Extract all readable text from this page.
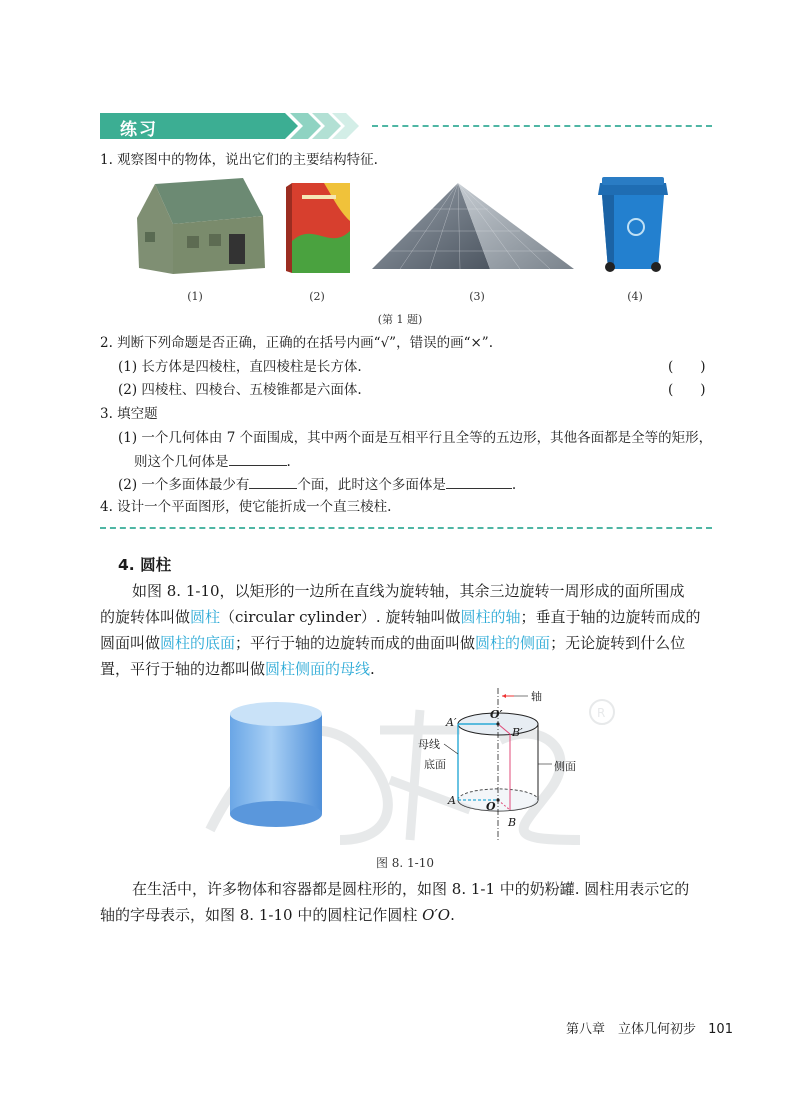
R
练习
1. 观察图中的物体，说出它们的主要结构特征.
(1)	(2)	(3)	(4)
(第 1 题)
2. 判断下列命题是否正确，正确的在括号内画“√”，错误的画“×”.
(1) 长方体是四棱柱，直四棱柱是长方体.	(　　)
(2) 四棱柱、四棱台、五棱锥都是六面体.	(　　)
3. 填空题
(1) 一个几何体由 7 个面围成，其中两个面是互相平行且全等的五边形，其他各面都是全等的矩形，
则这个几何体是	.
(2) 一个多面体最少有	个面，此时这个多面体是	.
4. 设计一个平面图形，使它能折成一个直三棱柱.
4. 圆柱
如图 8. 1-10，以矩形的一边所在直线为旋转轴，其余三边旋转一周形成的面所围成
的旋转体叫做圆柱（circular cylinder）. 旋转轴叫做圆柱的轴；垂直于轴的边旋转而成的
圆面叫做圆柱的底面；平行于轴的边旋转而成的曲面叫做圆柱的侧面；无论旋转到什么位
置，平行于轴的边都叫做圆柱侧面的母线.
轴
O′
A′
B′
母线
底面	侧面
A	O
B
图 8. 1-10
在生活中，许多物体和容器都是圆柱形的，如图 8. 1-1 中的奶粉罐. 圆柱用表示它的
轴的字母表示，如图 8. 1-10 中的圆柱记作圆柱 O′O.
第八章　立体几何初步 101
